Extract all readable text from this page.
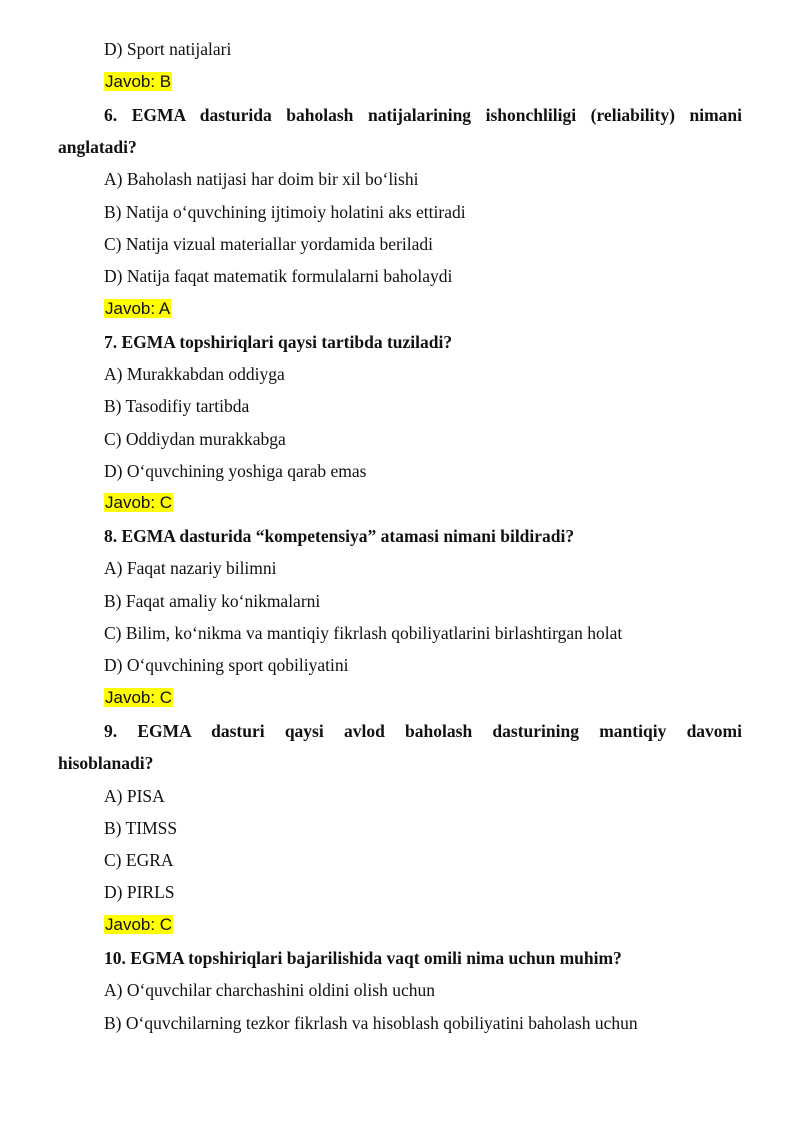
D) Sport natijalari
Javob: B
6. EGMA dasturida baholash natijalarining ishonchliligi (reliability) nimani
anglatadi?
A) Baholash natijasi har doim bir xil bo‘lishi
B) Natija o‘quvchining ijtimoiy holatini aks ettiradi
C) Natija vizual materiallar yordamida beriladi
D) Natija faqat matematik formulalarni baholaydi
Javob: A
7. EGMA topshiriqlari qaysi tartibda tuziladi?
A) Murakkabdan oddiyga
B) Tasodifiy tartibda
C) Oddiydan murakkabga
D) O‘quvchining yoshiga qarab emas
Javob: C
8. EGMA dasturida “kompetensiya” atamasi nimani bildiradi?
A) Faqat nazariy bilimni
B) Faqat amaliy ko‘nikmalarni
C) Bilim, ko‘nikma va mantiqiy fikrlash qobiliyatlarini birlashtirgan holat
D) O‘quvchining sport qobiliyatini
Javob: C
9. EGMA dasturi qaysi avlod baholash dasturining mantiqiy davomi
hisoblanadi?
A) PISA
B) TIMSS
C) EGRA
D) PIRLS
Javob: C
10. EGMA topshiriqlari bajarilishida vaqt omili nima uchun muhim?
A) O‘quvchilar charchashini oldini olish uchun
B) O‘quvchilarning tezkor fikrlash va hisoblash qobiliyatini baholash uchun
